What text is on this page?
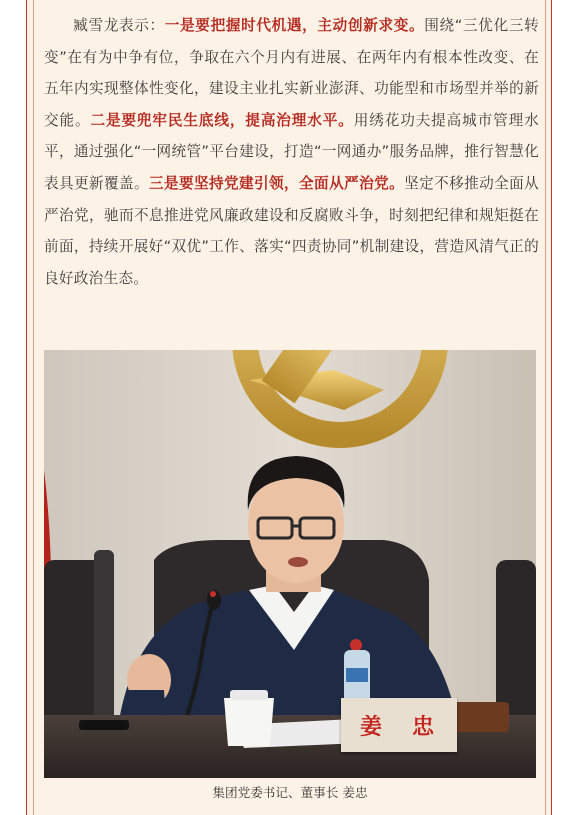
臧雪龙表示：一是要把握时代机遇，主动创新求变。围绕“三优化三转变”在有为中争有位，争取在六个月内有进展、在两年内有根本性改变、在五年内实现整体性变化，建设主业扎实新业澎湃、功能型和市场型并举的新交能。二是要兜牢民生底线，提高治理水平。用绣花功夫提高城市管理水平，通过强化“一网统管”平台建设，打造“一网通办”服务品牌，推行智慧化表具更新覆盖。三是要坚持党建引领，全面从严治党。坚定不移推动全面从严治党，驰而不息推进党风廉政建设和反腐败斗争，时刻把纪律和规矩挺在前面，持续开展好“双优”工作、落实“四责协同”机制建设，营造风清气正的良好政治生态。

姜　忠
集团党委书记、董事长 姜忠
